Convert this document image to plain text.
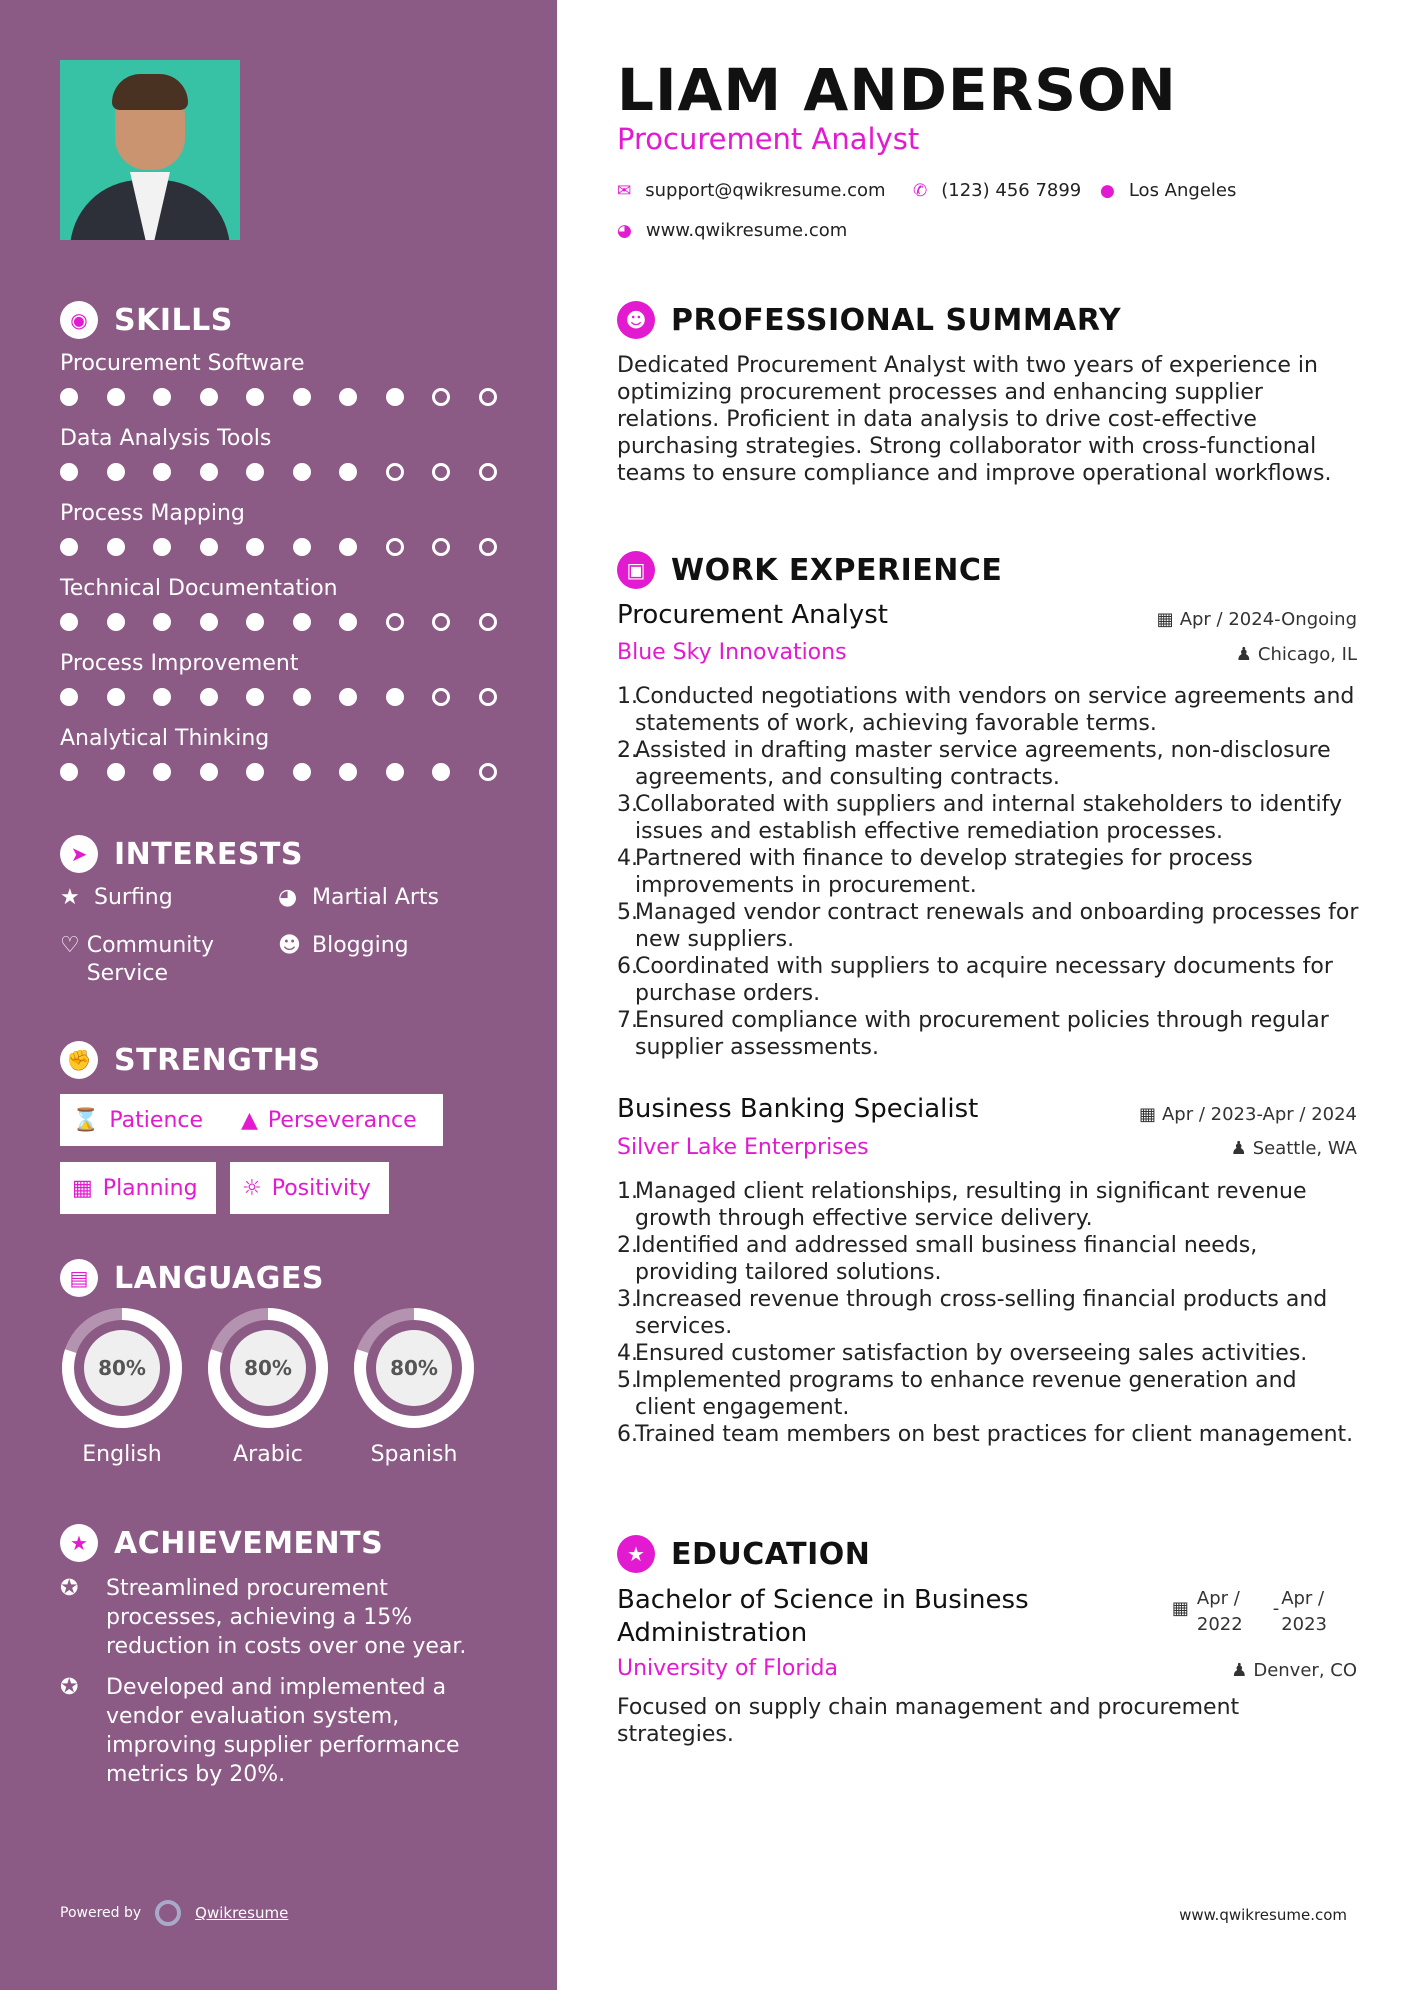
◉ SKILLS
Procurement Software
Data Analysis Tools
Process Mapping
Technical Documentation
Process Improvement
Analytical Thinking
➤ INTERESTS
★ Surfing	◕ Martial Arts
♡ Community Service
☻ Blogging
✊ STRENGTHS
⌛ Patience ▲ Perseverance
▦ Planning ☼ Positivity
▤ LANGUAGES
80%
English
80%
Arabic
80%
Spanish
★ ACHIEVEMENTS
✪	Streamlined procurement processes, achieving a 15% reduction in costs over one year.
✪	Developed and implemented a vendor evaluation system, improving supplier performance metrics by 20%.
Powered by	Qwikresume
LIAM ANDERSON
Procurement Analyst
✉ support@qwikresume.com ✆ (123) 456 7899 ● Los Angeles
◕ www.qwikresume.com
☻ PROFESSIONAL SUMMARY
Dedicated Procurement Analyst with two years of experience in optimizing procurement processes and enhancing supplier relations. Proficient in data analysis to drive cost-effective purchasing strategies. Strong collaborator with cross-functional teams to ensure compliance and improve operational workflows.
▣ WORK EXPERIENCE
Procurement Analyst	▦ Apr / 2024-Ongoing
Blue Sky Innovations	♟ Chicago, IL
1.
Conducted negotiations with vendors on service agreements and statements of work, achieving favorable terms.
2.
Assisted in drafting master service agreements, non-disclosure agreements, and consulting contracts.
3.
Collaborated with suppliers and internal stakeholders to identify issues and establish effective remediation processes.
4.
Partnered with finance to develop strategies for process improvements in procurement.
5.
Managed vendor contract renewals and onboarding processes for new suppliers.
6.
Coordinated with suppliers to acquire necessary documents for purchase orders.
7.
Ensured compliance with procurement policies through regular supplier assessments.
Business Banking Specialist	▦ Apr / 2023-Apr / 2024
Silver Lake Enterprises	♟ Seattle, WA
1.
Managed client relationships, resulting in significant revenue growth through effective service delivery.
2.
Identified and addressed small business financial needs, providing tailored solutions.
3.
Increased revenue through cross-selling financial products and services.
4.
Ensured customer satisfaction by overseeing sales activities.
5.
Implemented programs to enhance revenue generation and client engagement.
6.
Trained team members on best practices for client management.
★ EDUCATION
Bachelor of Science in Business
Administration
▦ Apr /
2022
- Apr /
2023
University of Florida	♟ Denver, CO
Focused on supply chain management and procurement strategies.
www.qwikresume.com
